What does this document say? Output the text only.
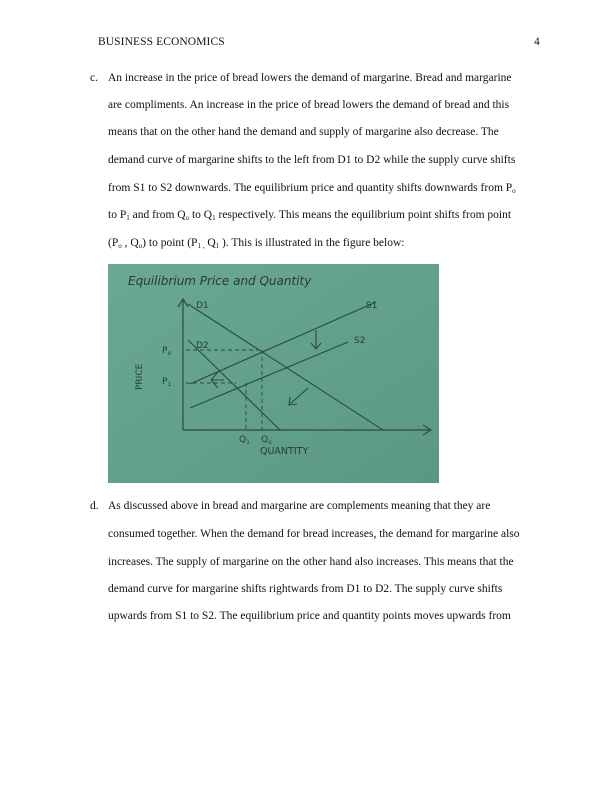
BUSINESS ECONOMICS	4
c. An increase in the price of bread lowers the demand of margarine. Bread and margarine
are compliments. An increase in the price of bread lowers the demand of bread and this
means that on the other hand the demand and supply of margarine also decrease. The
demand curve of margarine shifts to the left from D1 to D2 while the supply curve shifts
from S1 to S2 downwards. The equilibrium price and quantity shifts downwards from $P_o$
to $P_1$ and from $Q_o$ to $Q_1$ respectively. This means the equilibrium point shifts from point
($P_o$ , $Q_o$) to point ($P_{1 ,}$ $Q_1$ ). This is illustrated in the figure below:
Equilibrium Price and Quantity
PRICE
QUANTITY
D1
D2
S1
S2
$P_o$
$P_1$
$Q_1$ $Q_o$
d. As discussed above in bread and margarine are complements meaning that they are
consumed together. When the demand for bread increases, the demand for margarine also
increases. The supply of margarine on the other hand also increases. This means that the
demand curve for margarine shifts rightwards from D1 to D2. The supply curve shifts
upwards from S1 to S2. The equilibrium price and quantity points moves upwards from
